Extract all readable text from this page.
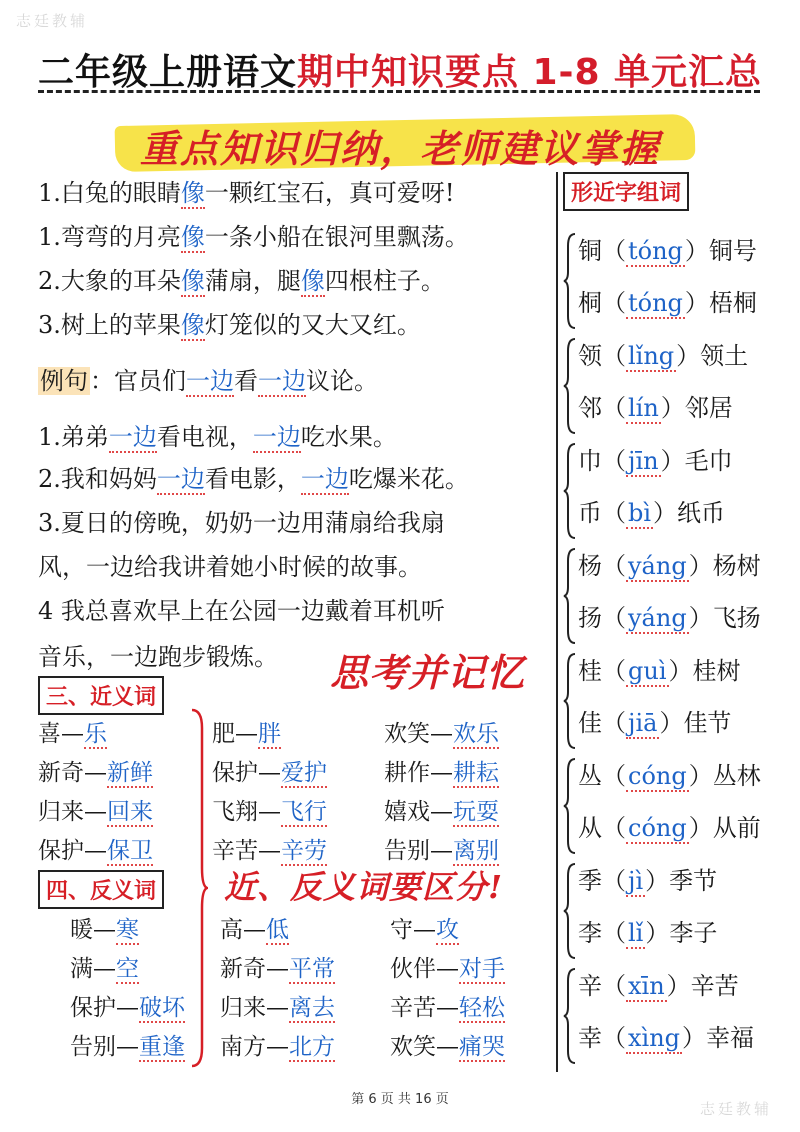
志廷教辅
志廷教辅
二年级上册语文期中知识要点 1-8 单元汇总
重点知识归纳，老师建议掌握
1.白兔的眼睛像一颗红宝石，真可爱呀!
1.弯弯的月亮像一条小船在银河里飘荡。
2.大象的耳朵像蒲扇，腿像四根柱子。
3.树上的苹果像灯笼似的又大又红。
例句：官员们一边看一边议论。
1.弟弟一边看电视，一边吃水果。
2.我和妈妈一边看电影，一边吃爆米花。
3.夏日的傍晚，奶奶一边用蒲扇给我扇
风，一边给我讲着她小时候的故事。
4 我总喜欢早上在公园一边戴着耳机听
音乐，一边跑步锻炼。 思考并记忆
三、近义词
喜—乐	肥—胖	欢笑—欢乐
新奇—新鲜	保护—爱护 耕作—耕耘
归来—回来	飞翔—飞行 嬉戏—玩耍
保护—保卫	辛苦—辛劳 告别—离别
四、反义词 近、反义词要区分!
暖—寒	高—低	守—攻
满—空	新奇—平常 伙伴—对手
保护—破坏 归来—离去 辛苦—轻松
告别—重逢 南方—北方 欢笑—痛哭
形近字组词
铜（tóng）铜号
桐（tóng）梧桐
领（lǐng）领土
邻（lín）邻居
巾（jīn）毛巾
币（bì）纸币
杨（yáng）杨树
扬（yáng）飞扬
桂（guì）桂树
佳（jiā）佳节
丛（cóng）丛林
从（cóng）从前
季（jì）季节
李（lǐ）李子
辛（xīn）辛苦
幸（xìng）幸福
第 6 页 共 16 页
